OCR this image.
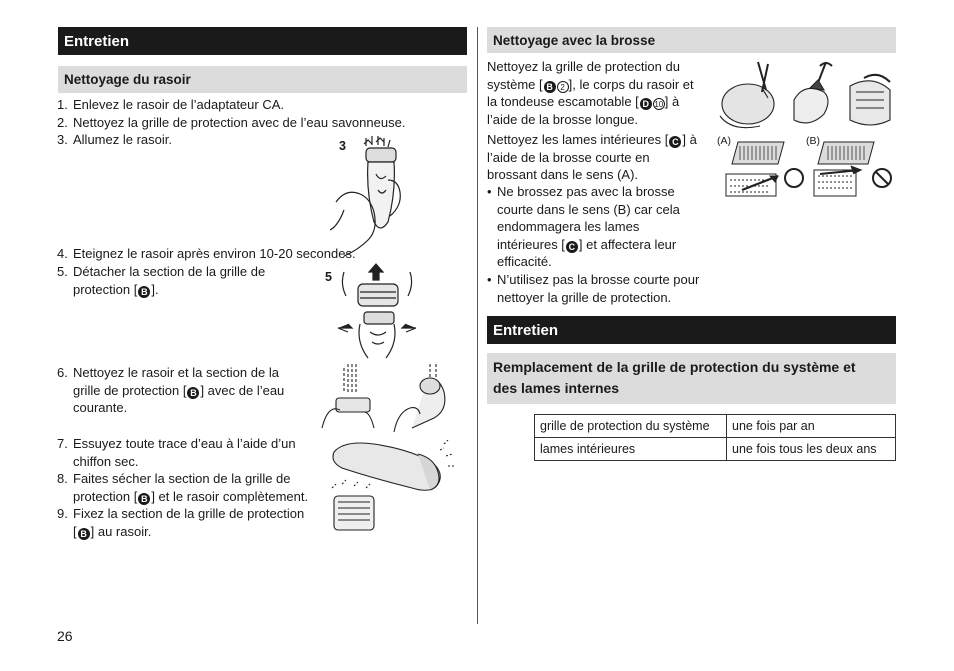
Entretien
Nettoyage du rasoir
1. Enlevez le rasoir de l’adaptateur CA.
2. Nettoyez la grille de protection avec de l’eau savonneuse.
3. Allumez le rasoir.
4. Eteignez le rasoir après environ 10-20 secondes.
5. Détacher la section de la grille de
protection [ B ].
6. Nettoyez le rasoir et la section de la
grille de protection [ B ] avec de l’eau
courante.
7. Essuyez toute trace d’eau à l’aide d’un
chiffon sec.
8. Faites sécher la section de la grille de
protection [ B ] et le rasoir complètement.
9. Fixez la section de la grille de protection
[ B ] au rasoir.
3
5
26
Nettoyage avec la brosse
Nettoyez la grille de protection du
système [ B 2 ], le corps du rasoir et
la tondeuse escamotable [ D 10 ] à
l’aide de la brosse longue.
Nettoyez les lames intérieures [ C ] à
l’aide de la brosse courte en
brossant dans le sens (A).
• Ne brossez pas avec la brosse
courte dans le sens (B) car cela
endommagera les lames
intérieures [ C ] et affectera leur
efficacité.
• N’utilisez pas la brosse courte pour
nettoyer la grille de protection.
(A)	(B)
Entretien
Remplacement de la grille de protection du système et
des lames internes
grille de protection du système	une fois par an
lames intérieures	une fois tous les deux ans
